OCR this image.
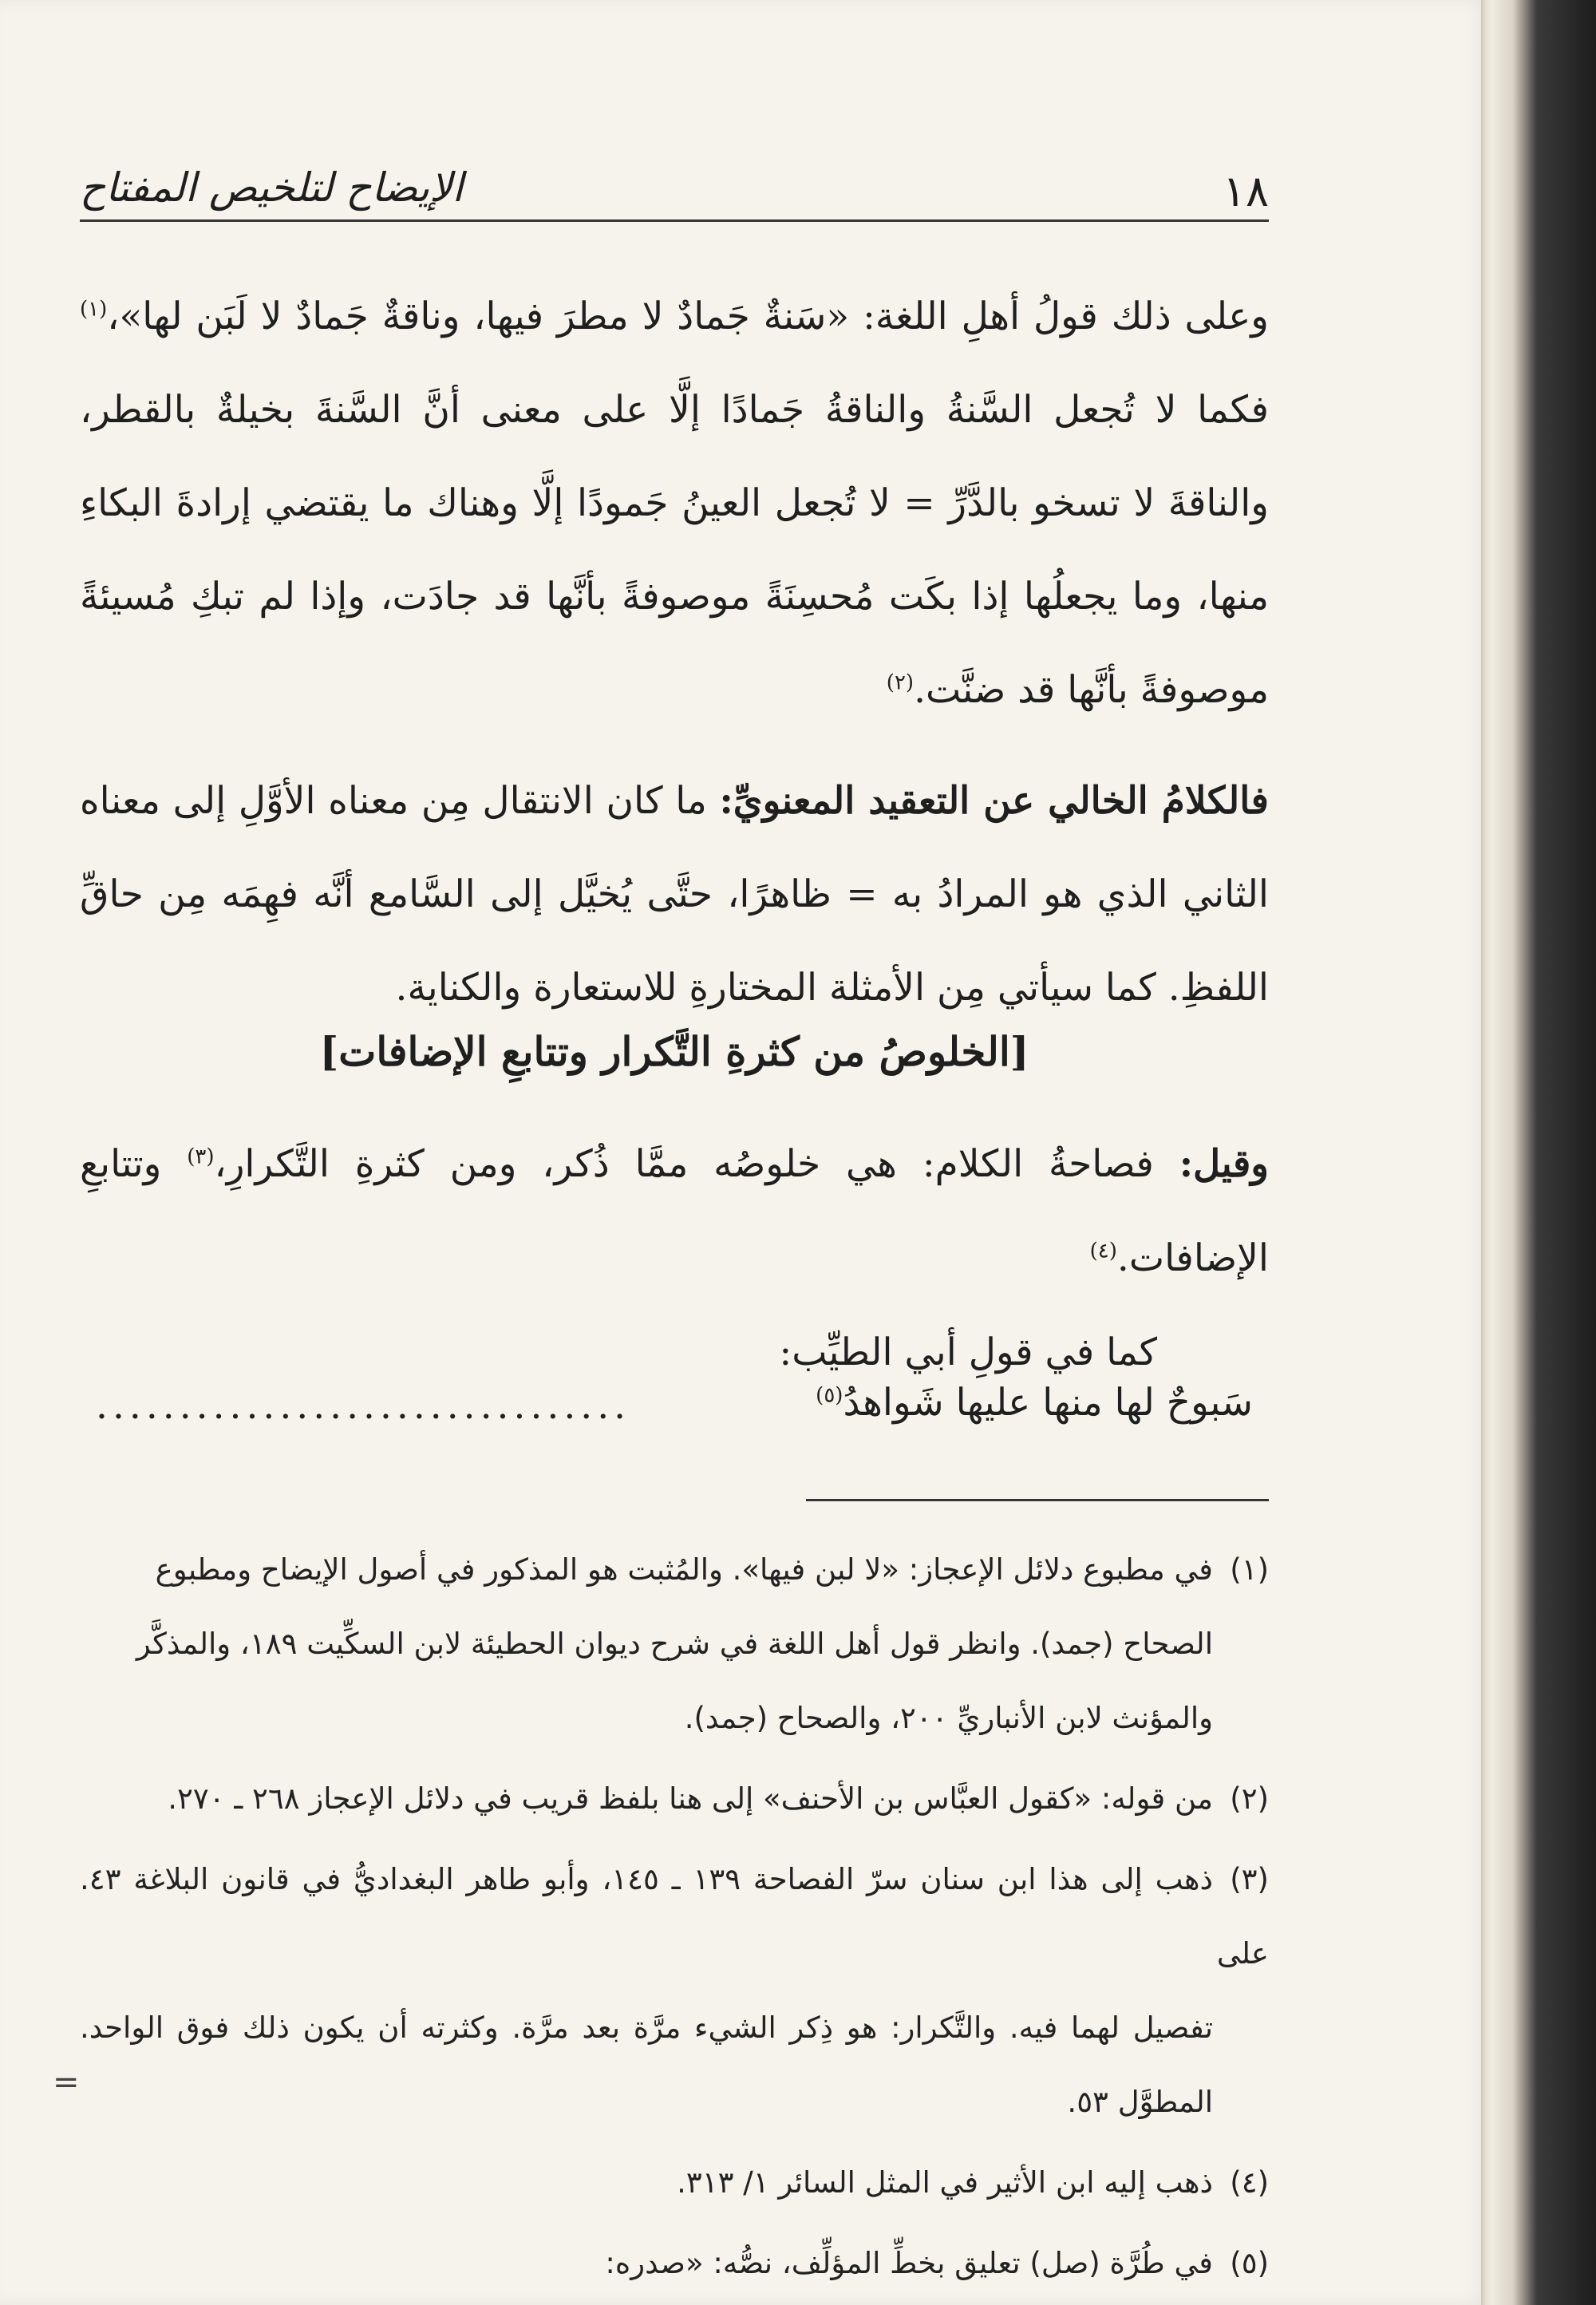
١٨
الإيضاح لتلخيص المفتاح

وعلى ذلك قولُ أهلِ اللغة: «سَنةٌ جَمادٌ لا مطرَ فيها، وناقةٌ جَمادٌ لا لَبَن لها»،$^{(١)}$ فكما لا تُجعل السَّنةُ والناقةُ جَمادًا إلَّا على معنى أنَّ السَّنةَ بخيلةٌ بالقطر، والناقةَ لا تسخو بالدَّرِّ = لا تُجعل العينُ جَمودًا إلَّا وهناك ما يقتضي إرادةَ البكاءِ منها، وما يجعلُها إذا بكَت مُحسِنَةً موصوفةً بأنَّها قد جادَت، وإذا لم تبكِ مُسيئةً موصوفةً بأنَّها قد ضنَّت.$^{(٢)}$

فالكلامُ الخالي عن التعقيد المعنويِّ: ما كان الانتقال مِن معناه الأوَّلِ إلى معناه الثاني الذي هو المرادُ به = ظاهرًا، حتَّى يُخيَّل إلى السَّامع أنَّه فهِمَه مِن حاقِّ اللفظِ. كما سيأتي مِن الأمثلة المختارةِ للاستعارة والكناية.

[الخلوصُ من كثرةِ التَّكرار وتتابعِ الإضافات]

وقيل: فصاحةُ الكلام: هي خلوصُه ممَّا ذُكر، ومن كثرةِ التَّكرارِ،$^{(٣)}$ وتتابعِ الإضافات.$^{(٤)}$

كما في قولِ أبي الطيِّب:

سَبوحٌ لها منها عليها شَواهدُ$^{(٥)}$
................................

(١)في مطبوع دلائل الإعجاز: «لا لبن فيها». والمُثبت هو المذكور في أصول الإيضاح ومطبوع

الصحاح (جمد). وانظر قول أهل اللغة في شرح ديوان الحطيئة لابن السكِّيت ١٨٩، والمذكَّر

والمؤنث لابن الأنباريِّ ٢٠٠، والصحاح (جمد).

(٢)من قوله: «كقول العبَّاس بن الأحنف» إلى هنا بلفظ قريب في دلائل الإعجاز ٢٦٨ ـ ٢٧٠.

(٣)ذهب إلى هذا ابن سنان سرّ الفصاحة ١٣٩ ـ ١٤٥، وأبو طاهر البغداديُّ في قانون البلاغة ٤٣. على

تفصيل لهما فيه. والتَّكرار: هو ذِكر الشيء مرَّة بعد مرَّة. وكثرته أن يكون ذلك فوق الواحد. المطوَّل ٥٣.

(٤)ذهب إليه ابن الأثير في المثل السائر ١/ ٣١٣.

(٥)في طُرَّة (صل) تعليق بخطِّ المؤلِّف، نصُّه: «صدره:

=
